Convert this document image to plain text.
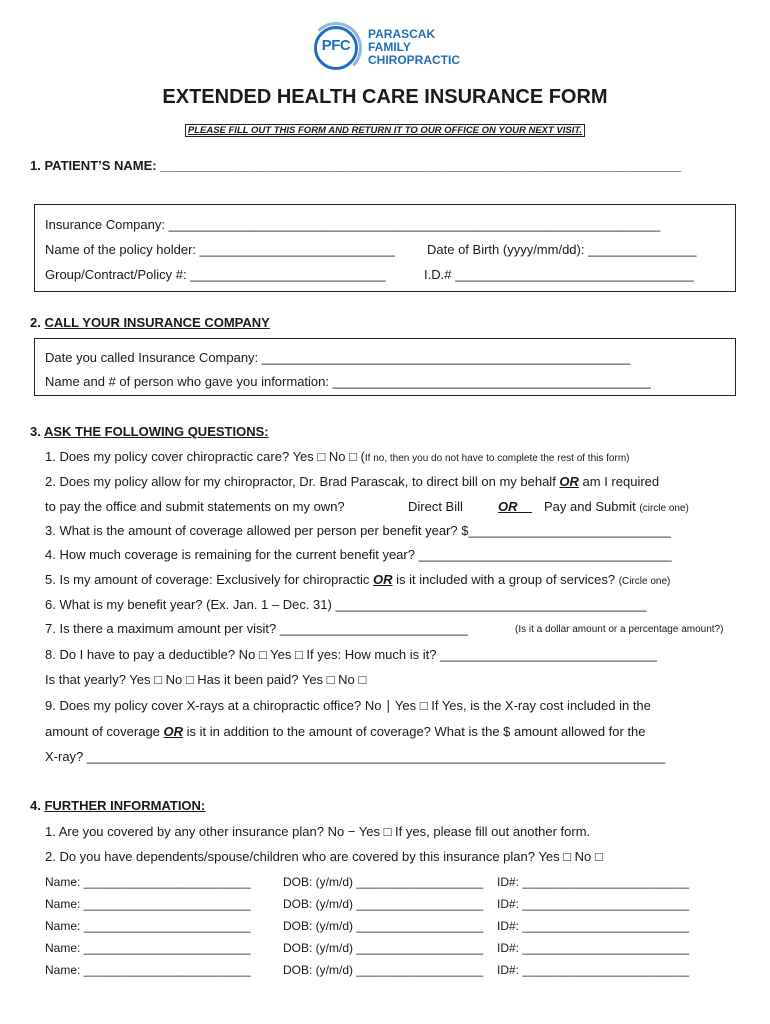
PFC
PARASCAK
FAMILY
CHIROPRACTIC
EXTENDED HEALTH CARE INSURANCE FORM
PLEASE FILL OUT THIS FORM AND RETURN IT TO OUR OFFICE ON YOUR NEXT VISIT.
1. PATIENT’S NAME: ________________________________________________________________________
Insurance Company: ____________________________________________________________________
Name of the policy holder: ___________________________ Date of Birth (yyyy/mm/dd): _______________
Group/Contract/Policy #: ___________________________	I.D.# _________________________________
2. CALL YOUR INSURANCE COMPANY
Date you called Insurance Company: ___________________________________________________
Name and # of person who gave you information: ____________________________________________
3. ASK THE FOLLOWING QUESTIONS:
1. Does my policy cover chiropractic care? Yes □ No □ (If no, then you do not have to complete the rest of this form)
2. Does my policy allow for my chiropractor, Dr. Brad Parascak, to direct bill on my behalf OR am I required
to pay the office and submit statements on my own?	Direct Bill	OR	Pay and Submit (circle one)
3. What is the amount of coverage allowed per person per benefit year? $____________________________
4. How much coverage is remaining for the current benefit year? ___________________________________
5. Is my amount of coverage: Exclusively for chiropractic OR is it included with a group of services? (Circle one)
6. What is my benefit year? (Ex. Jan. 1 – Dec. 31) ___________________________________________
7. Is there a maximum amount per visit? __________________________	(Is it a dollar amount or a percentage amount?)
8. Do I have to pay a deductible? No □ Yes □ If yes: How much is it? ______________________________
Is that yearly? Yes □ No □ Has it been paid? Yes □ No □
9. Does my policy cover X-rays at a chiropractic office? No ∣ Yes □ If Yes, is the X-ray cost included in the
amount of coverage OR is it in addition to the amount of coverage? What is the $ amount allowed for the
X-ray? ________________________________________________________________________________
4. FURTHER INFORMATION:
1. Are you covered by any other insurance plan? No − Yes □ If yes, please fill out another form.
2. Do you have dependents/spouse/children who are covered by this insurance plan? Yes □ No □
Name: _________________________	DOB: (y/m/d) ___________________ ID#: _________________________
Name: _________________________	DOB: (y/m/d) ___________________ ID#: _________________________
Name: _________________________	DOB: (y/m/d) ___________________ ID#: _________________________
Name: _________________________	DOB: (y/m/d) ___________________ ID#: _________________________
Name: _________________________	DOB: (y/m/d) ___________________ ID#: _________________________
